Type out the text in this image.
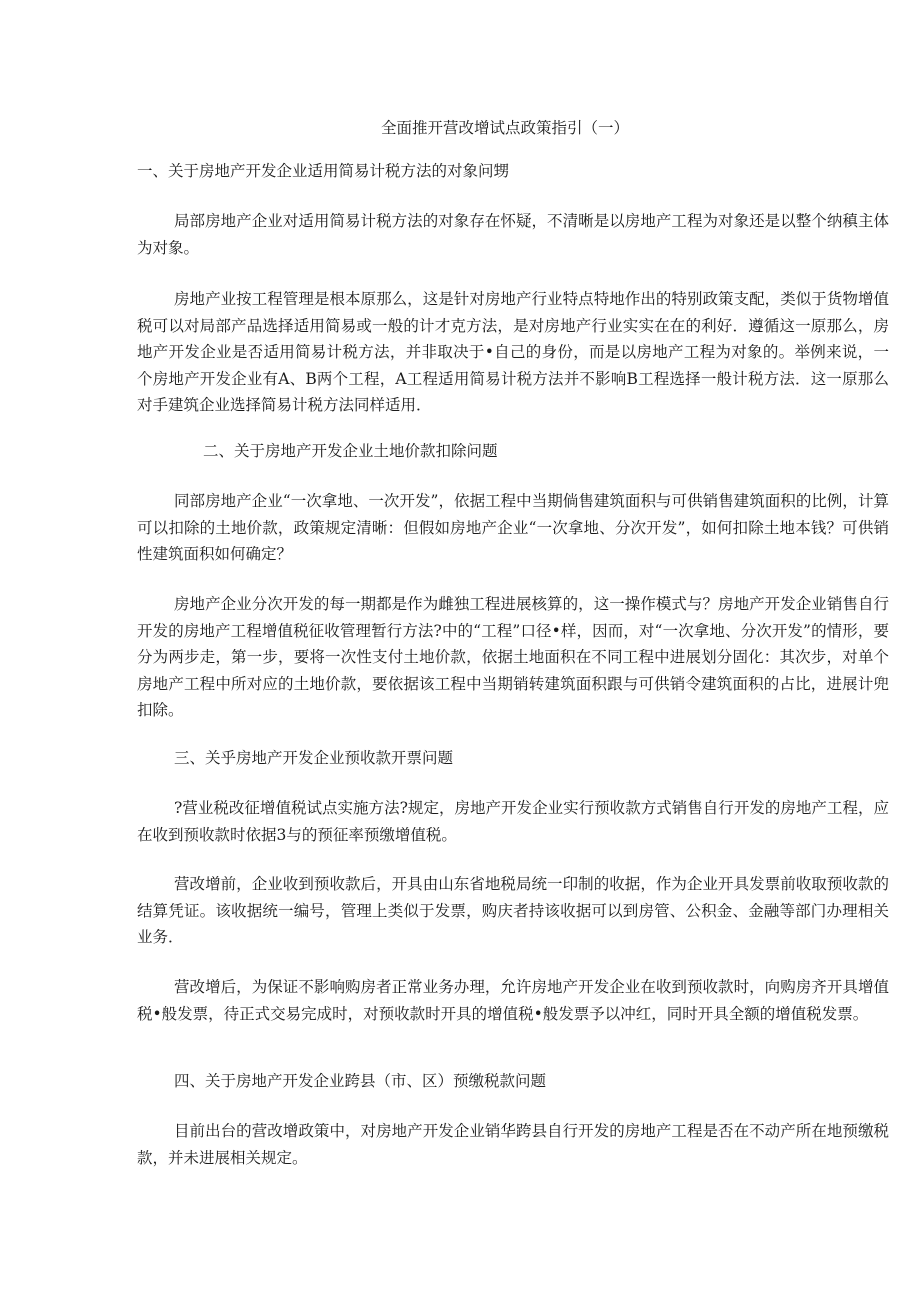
全面推开营改增试点政策指引（一）
一、关于房地产开发企业适用简易计税方法的对象问甥
局部房地产企业对适用简易计税方法的对象存在怀疑，不清晰是以房地产工程为对象还是以整个纳稹主体为对象。
房地产业按工程管理是根本原那么，这是针对房地产行业特点特地作出的特别政策支配，类似于货物增值税可以对局部产品选择适用简易或一般的计才克方法，是对房地产行业实实在在的利好．遵循这一原那么，房地产开发企业是否适用简易计税方法，并非取决于•自己的身份，而是以房地产工程为对象的。举例来说，一个房地产开发企业有A、B两个工程，A工程适用简易计税方法并不影响B工程选择一般计税方法．这一原那么对手建筑企业选择简易计税方法同样适用．
二、关于房地产开发企业土地价款扣除问题
同部房地产企业“一次拿地、一次开发”，依据工程中当期倘售建筑面积与可供销售建筑面积的比例，计算可以扣除的土地价款，政策规定清晰：但假如房地产企业“一次拿地、分次开发”，如何扣除土地本钱？可供销性建筑面积如何确定？
房地产企业分次开发的每一期都是作为雌独工程进展核算的，这一操作模式与？房地产开发企业销售自行开发的房地产工程增值税征收管理暂行方法?中的“工程”口径•样，因而，对“一次拿地、分次开发”的情形，要分为两步走，第一步，要将一次性支付土地价款，依据土地面积在不同工程中进展划分固化：其次步，对单个房地产工程中所对应的土地价款，要依据该工程中当期销转建筑面积跟与可供销令建筑面积的占比，进展计兜扣除。
三、关乎房地产开发企业预收款开票问题
?营业税改征增值税试点实施方法?规定，房地产开发企业实行预收款方式销售自行开发的房地产工程，应在收到预收款时依据3与的预征率预缴增值税。
营改增前，企业收到预收款后，开具由山东省地税局统一印制的收据，作为企业开具发票前收取预收款的结算凭证。该收据统一编号，管理上类似于发票，购庆者持该收据可以到房管、公积金、金融等部门办理相关业务．
营改增后，为保证不影响购房者正常业务办理，允许房地产开发企业在收到预收款时，向购房齐开具增值税•般发票，待正式交易完成时，对预收款时开具的增值税•般发票予以冲红，同时开具全额的增值税发票。
四、关于房地产开发企业跨县（市、区）预缴税款问题
目前出台的营改增政策中，对房地产开发企业销华跨县自行开发的房地产工程是否在不动产所在地预缴税款，并未进展相关规定。
